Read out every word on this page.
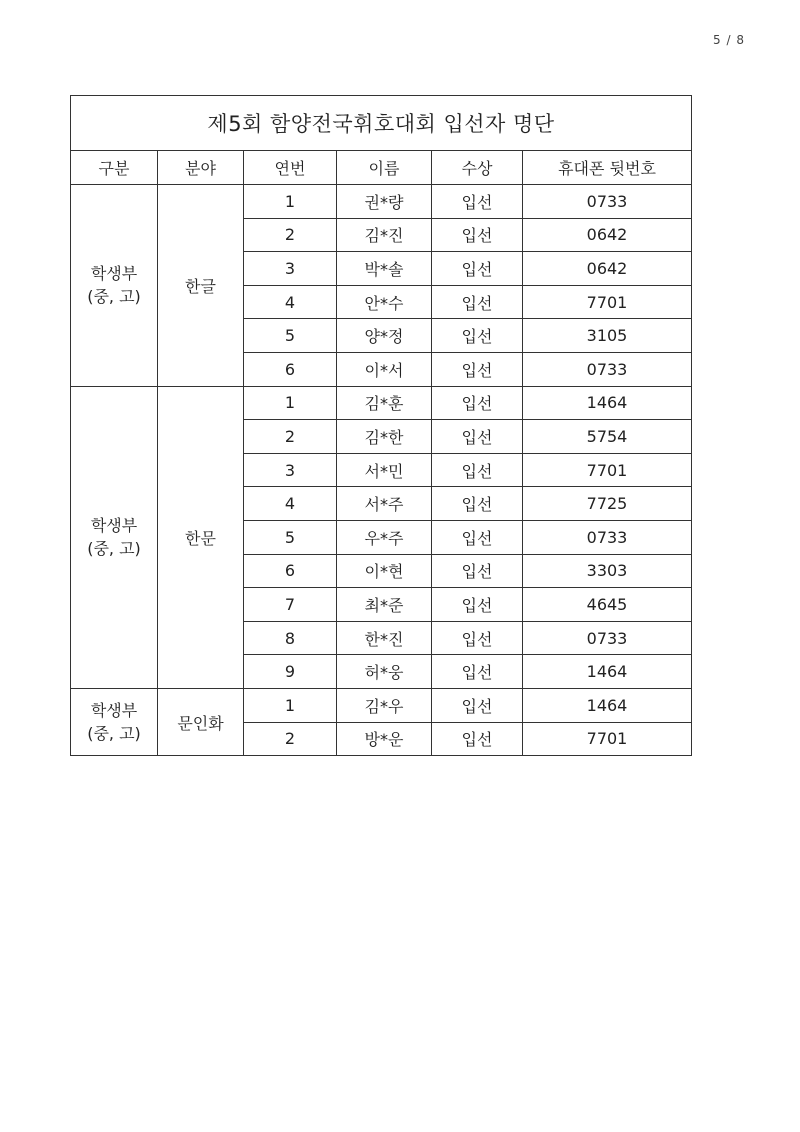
5 / 8
제5회 함양전국휘호대회 입선자 명단					
구분	분야	연번	이름	수상	휴대폰 뒷번호

학생부
(중, 고)	한글	1	권*량	입선	0733
		2	김*진	입선	0642
		3	박*솔	입선	0642
		4	안*수	입선	7701
		5	양*정	입선	3105
		6	이*서	입선	0733

학생부
(중, 고)	한문	1	김*훈	입선	1464
		2	김*한	입선	5754
		3	서*민	입선	7701
		4	서*주	입선	7725
		5	우*주	입선	0733
		6	이*현	입선	3303
		7	최*준	입선	4645
		8	한*진	입선	0733
		9	허*웅	입선	1464

학생부
(중, 고)	문인화	1	김*우	입선	1464
		2	방*운	입선	7701
